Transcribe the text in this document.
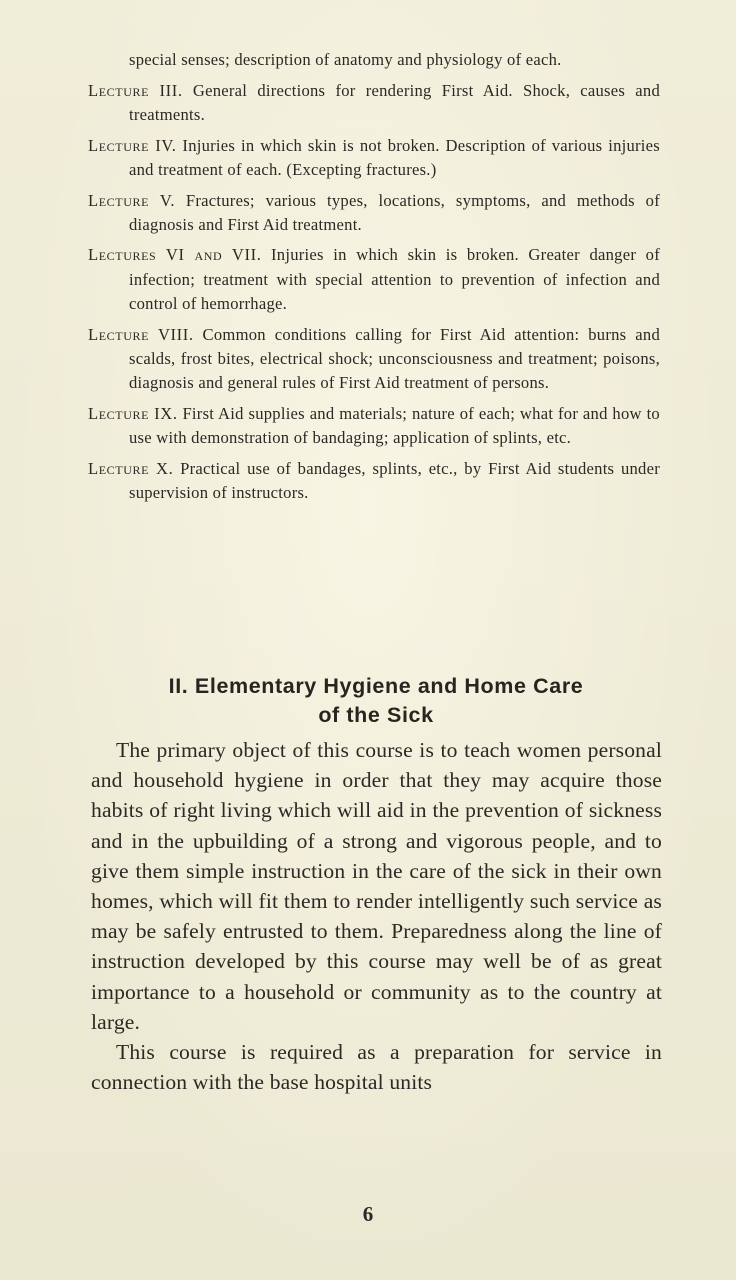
special senses; description of anatomy and physiology of each.

Lecture III. General directions for rendering First Aid. Shock, causes and treatments.

Lecture IV. Injuries in which skin is not broken. Description of various injuries and treatment of each. (Excepting fractures.)

Lecture V. Fractures; various types, locations, symptoms, and methods of diagnosis and First Aid treatment.

Lectures VI and VII. Injuries in which skin is broken. Greater danger of infection; treatment with special attention to prevention of infection and control of hemorrhage.

Lecture VIII. Common conditions calling for First Aid attention: burns and scalds, frost bites, electrical shock; unconsciousness and treatment; poisons, diagnosis and general rules of First Aid treatment of persons.

Lecture IX. First Aid supplies and materials; nature of each; what for and how to use with demonstration of bandaging; application of splints, etc.

Lecture X. Practical use of bandages, splints, etc., by First Aid students under supervision of instructors.

II. Elementary Hygiene and Home Care
of the Sick

The primary object of this course is to teach women personal and household hygiene in order that they may acquire those habits of right living which will aid in the prevention of sickness and in the upbuilding of a strong and vigorous people, and to give them simple instruction in the care of the sick in their own homes, which will fit them to render intelligently such service as may be safely entrusted to them. Preparedness along the line of instruction developed by this course may well be of as great importance to a household or community as to the country at large.

This course is required as a preparation for service in connection with the base hospital units

6
